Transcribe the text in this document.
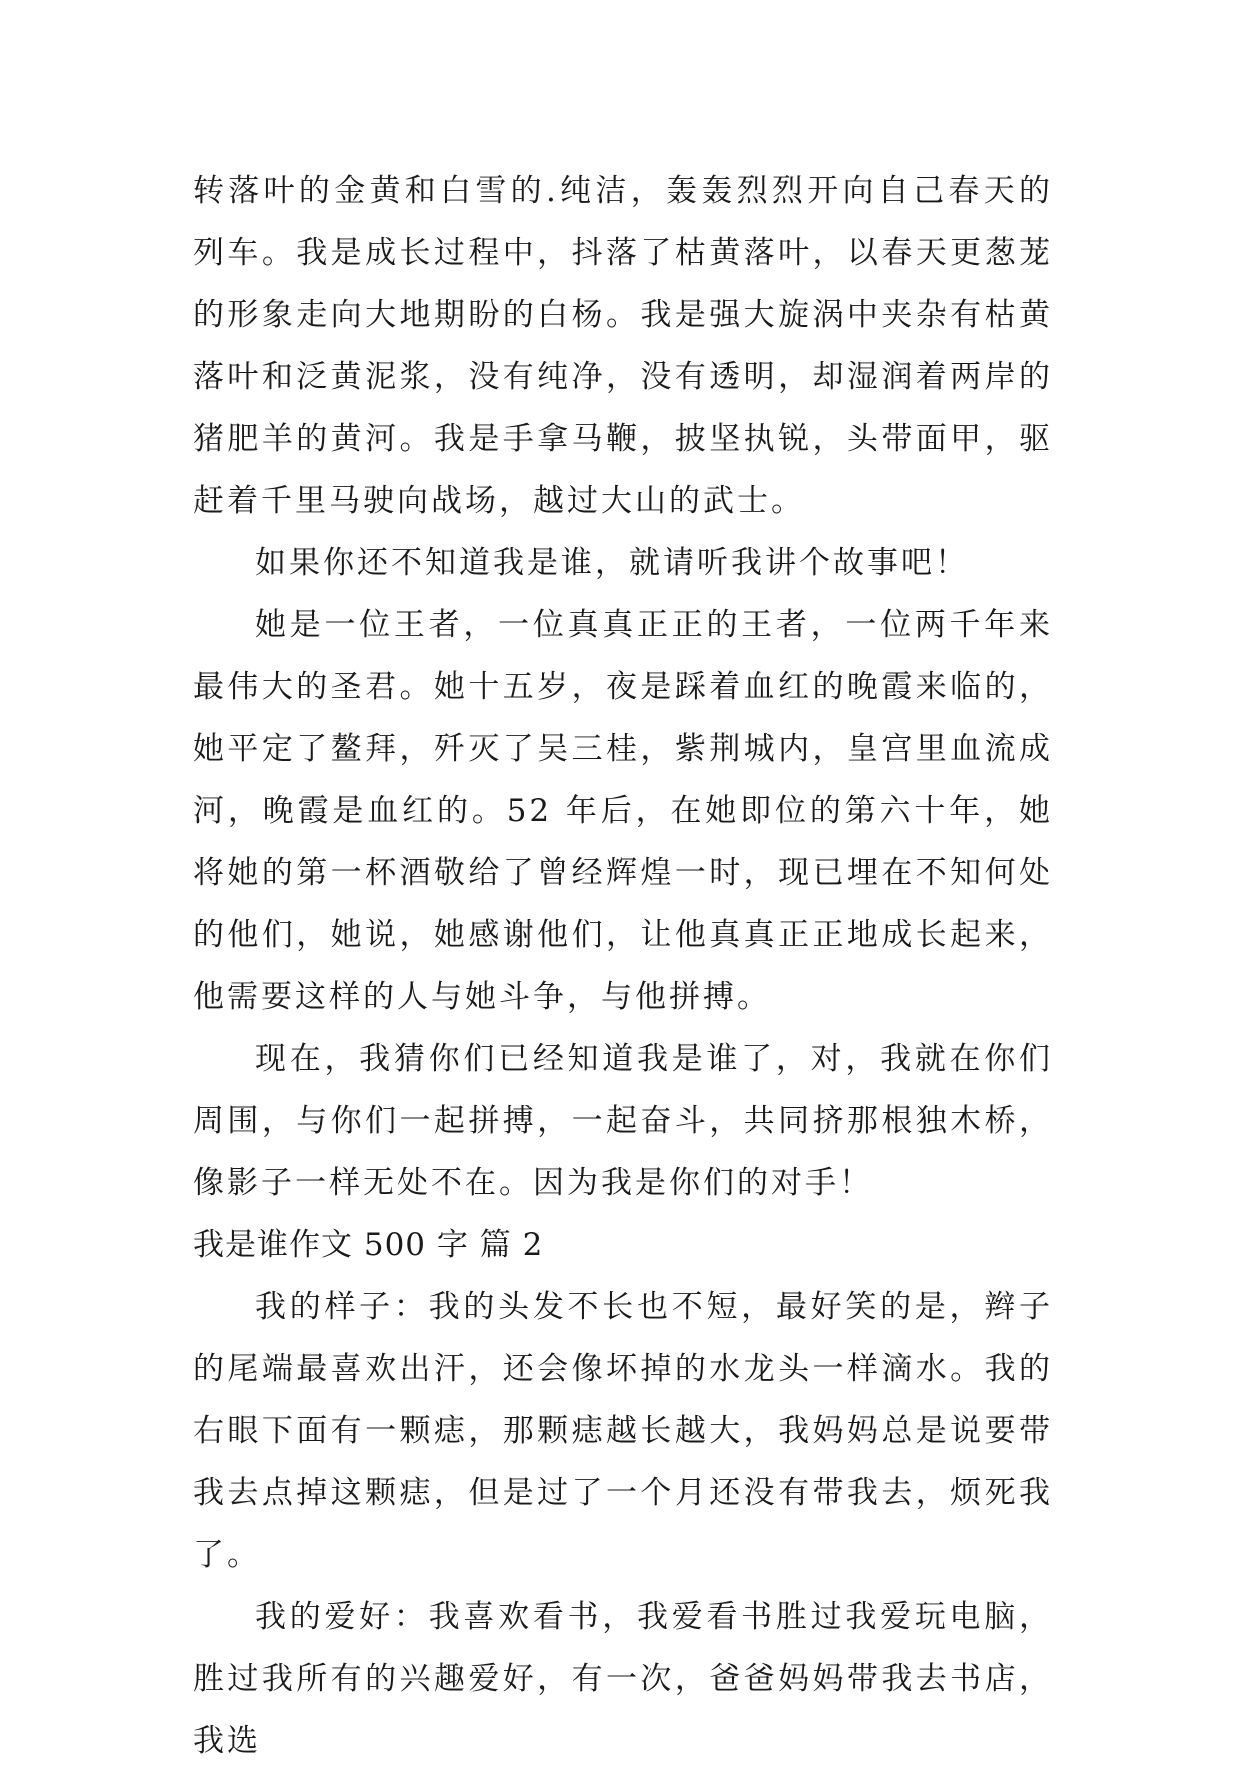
转落叶的金黄和白雪的.纯洁，轰轰烈烈开向自己春天的列车。我是成长过程中，抖落了枯黄落叶，以春天更葱茏的形象走向大地期盼的白杨。我是强大旋涡中夹杂有枯黄落叶和泛黄泥浆，没有纯净，没有透明，却湿润着两岸的猪肥羊的黄河。我是手拿马鞭，披坚执锐，头带面甲，驱赶着千里马驶向战场，越过大山的武士。

如果你还不知道我是谁，就请听我讲个故事吧！

她是一位王者，一位真真正正的王者，一位两千年来最伟大的圣君。她十五岁，夜是踩着血红的晚霞来临的，她平定了鳌拜，歼灭了吴三桂，紫荆城内，皇宫里血流成河，晚霞是血红的。52 年后，在她即位的第六十年，她将她的第一杯酒敬给了曾经辉煌一时，现已埋在不知何处的他们，她说，她感谢他们，让他真真正正地成长起来，他需要这样的人与她斗争，与他拼搏。

现在，我猜你们已经知道我是谁了，对，我就在你们周围，与你们一起拼搏，一起奋斗，共同挤那根独木桥，像影子一样无处不在。因为我是你们的对手！

我是谁作文 500 字 篇 2

我的样子：我的头发不长也不短，最好笑的是，辫子的尾端最喜欢出汗，还会像坏掉的水龙头一样滴水。我的右眼下面有一颗痣，那颗痣越长越大，我妈妈总是说要带我去点掉这颗痣，但是过了一个月还没有带我去，烦死我了。

我的爱好：我喜欢看书，我爱看书胜过我爱玩电脑，胜过我所有的兴趣爱好，有一次，爸爸妈妈带我去书店，我选
